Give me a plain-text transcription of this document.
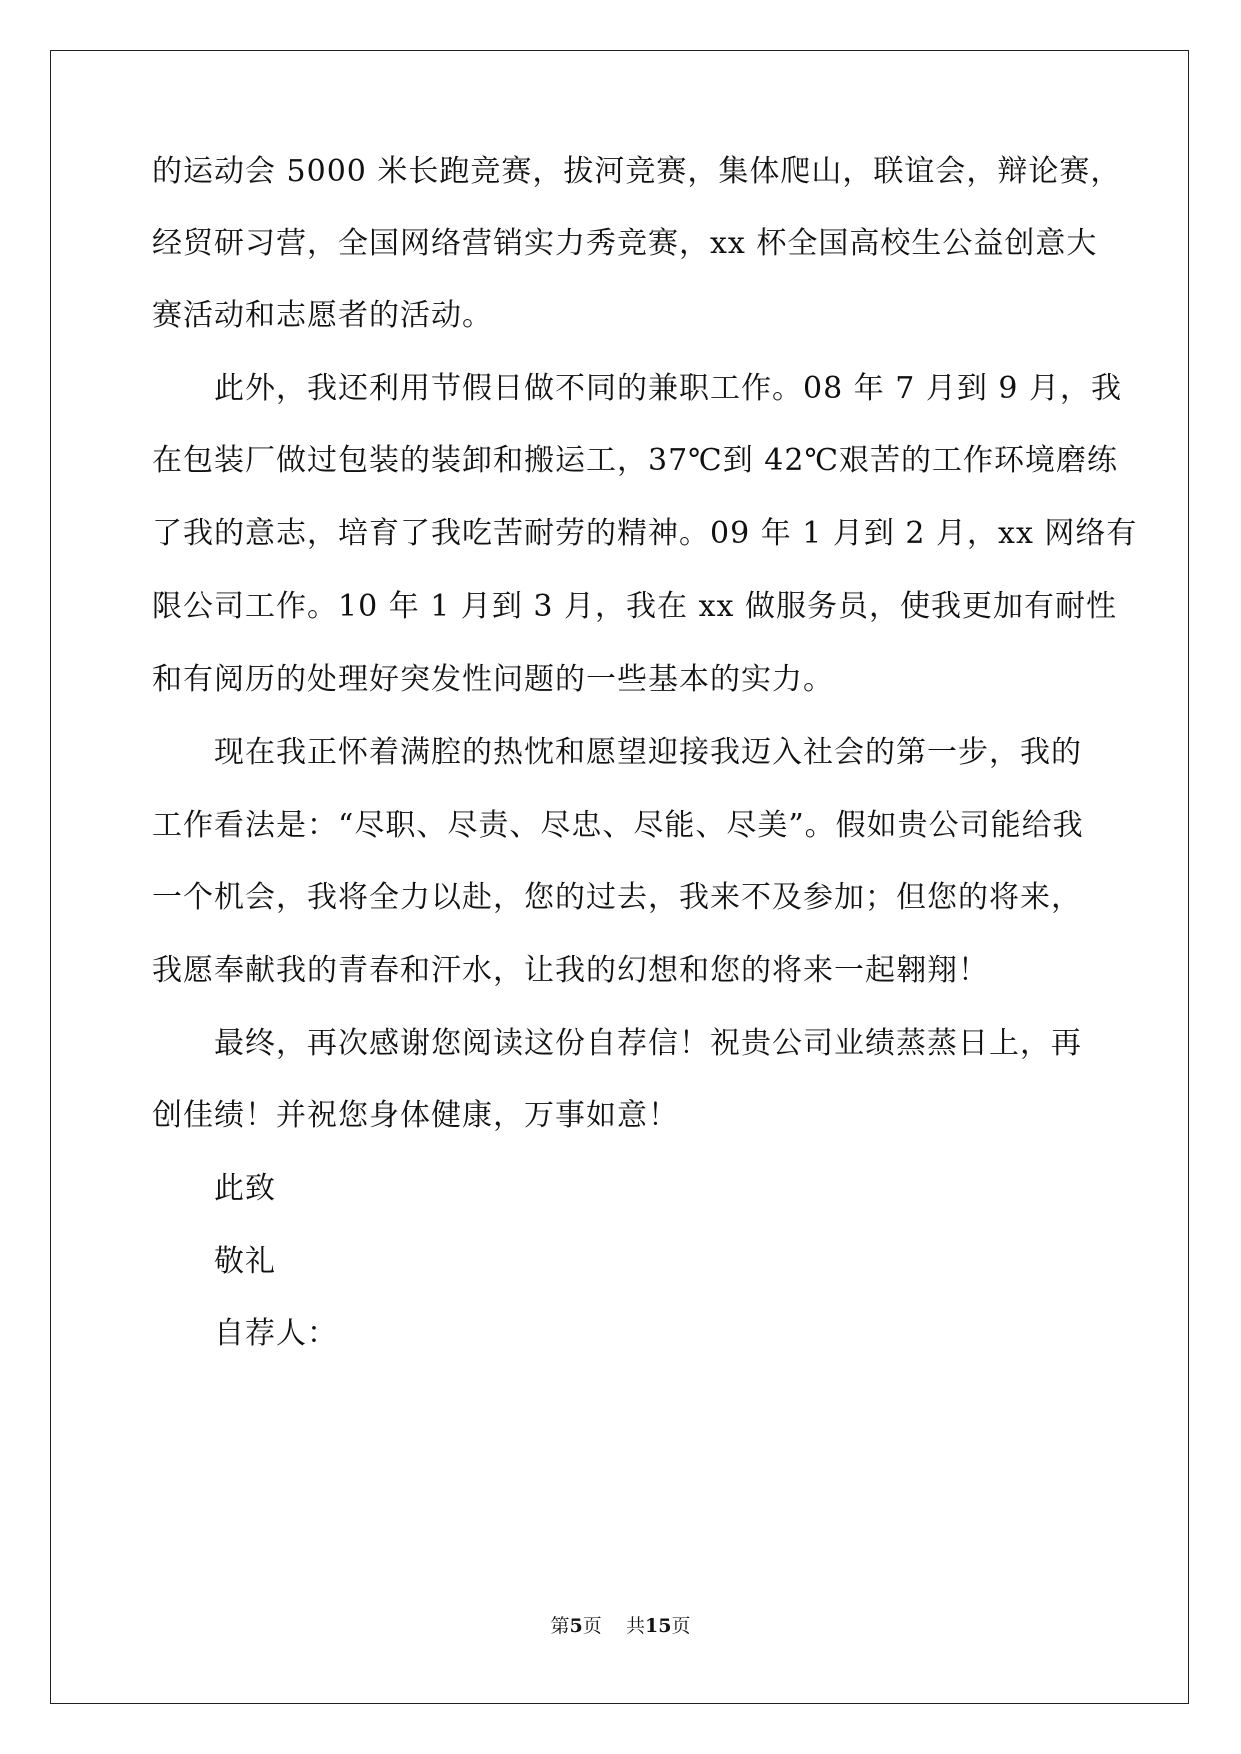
的运动会 5000 米长跑竞赛，拔河竞赛，集体爬山，联谊会，辩论赛，
经贸研习营，全国网络营销实力秀竞赛，xx 杯全国高校生公益创意大
赛活动和志愿者的活动。
此外，我还利用节假日做不同的兼职工作。08 年 7 月到 9 月，我
在包装厂做过包装的装卸和搬运工，37℃到 42℃艰苦的工作环境磨练
了我的意志，培育了我吃苦耐劳的精神。09 年 1 月到 2 月，xx 网络有
限公司工作。10 年 1 月到 3 月，我在 xx 做服务员，使我更加有耐性
和有阅历的处理好突发性问题的一些基本的实力。
现在我正怀着满腔的热忱和愿望迎接我迈入社会的第一步，我的
工作看法是：“尽职、尽责、尽忠、尽能、尽美”。假如贵公司能给我
一个机会，我将全力以赴，您的过去，我来不及参加；但您的将来，
我愿奉献我的青春和汗水，让我的幻想和您的将来一起翱翔！
最终，再次感谢您阅读这份自荐信！祝贵公司业绩蒸蒸日上，再
创佳绩！并祝您身体健康，万事如意！
此致
敬礼
自荐人：
第5页 共15页
